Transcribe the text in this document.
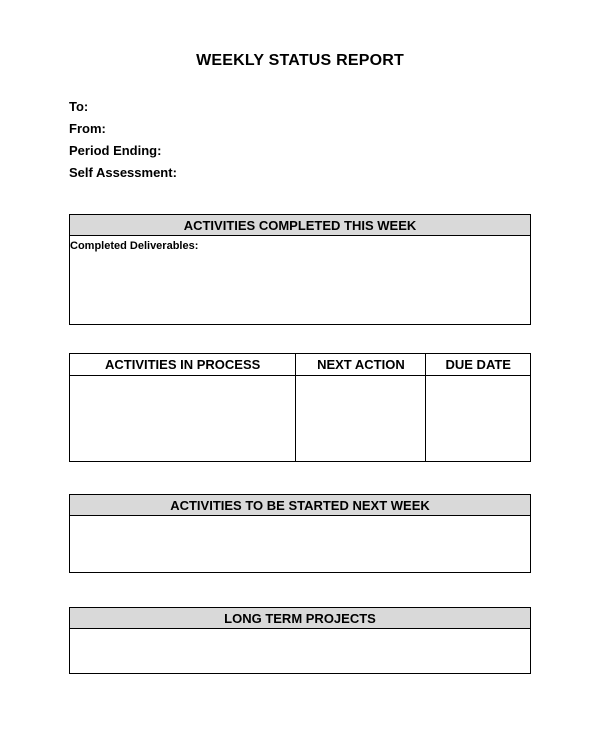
WEEKLY STATUS REPORT
To:
From:
Period Ending:
Self Assessment:
ACTIVITIES COMPLETED THIS WEEK
Completed Deliverables:
ACTIVITIES IN PROCESS	NEXT ACTION	DUE DATE

ACTIVITIES TO BE STARTED NEXT WEEK

LONG TERM PROJECTS
